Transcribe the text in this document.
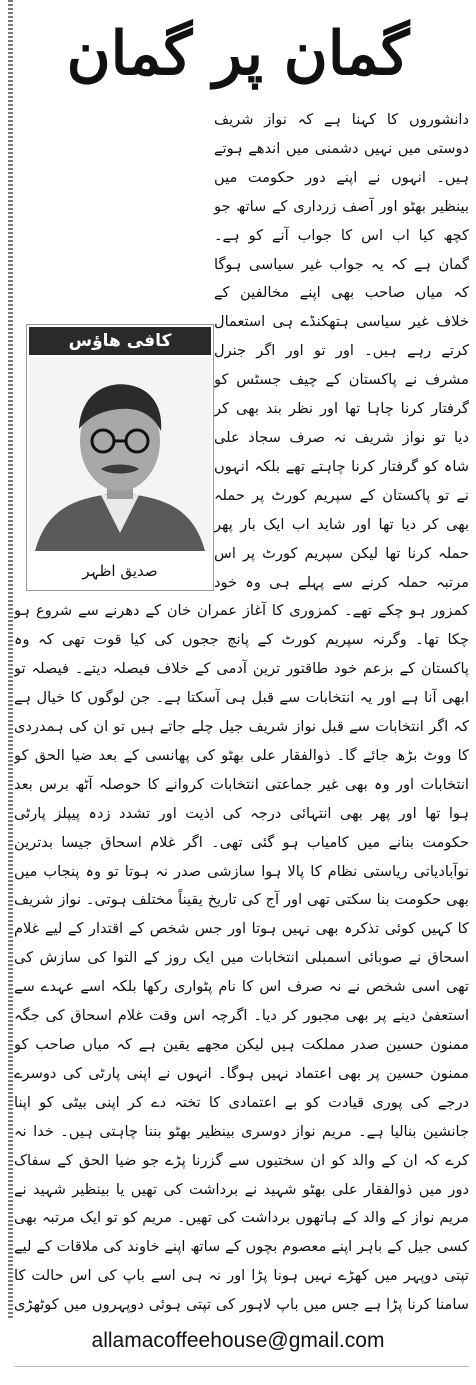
گمان پر گمان
کافی ھاؤس
صدیق اظہر

دانشوروں کا کہنا ہے کہ نواز شریف دوستی میں نہیں دشمنی میں اندھے ہوتے ہیں۔ انہوں نے اپنے دور حکومت میں بینظیر بھٹو اور آصف زرداری کے ساتھ جو کچھ کیا اب اس کا جواب آنے کو ہے۔ گمان ہے کہ یہ جواب غیر سیاسی ہوگا کہ میاں صاحب بھی اپنے مخالفین کے خلاف غیر سیاسی ہتھکنڈے ہی استعمال کرتے رہے ہیں۔ اور تو اور اگر جنرل مشرف نے پاکستان کے چیف جسٹس کو گرفتار کرنا چاہا تھا اور نظر بند بھی کر دیا تو نواز شریف نہ صرف سجاد علی شاہ کو گرفتار کرنا چاہتے تھے بلکہ انہوں نے تو پاکستان کے سپریم کورٹ پر حملہ بھی کر دیا تھا اور شاید اب ایک بار پھر حملہ کرنا تھا لیکن سپریم کورٹ پر اس مرتبہ حملہ کرنے سے پہلے ہی وہ خود کمزور ہو چکے تھے۔ کمزوری کا آغاز عمران خان کے دھرنے سے شروع ہو چکا تھا۔ وگرنہ سپریم کورٹ کے پانچ ججوں کی کیا قوت تھی کہ وہ پاکستان کے بزعم خود طاقتور ترین آدمی کے خلاف فیصلہ دیتے۔ فیصلہ تو ابھی آنا ہے اور یہ انتخابات سے قبل ہی آسکتا ہے۔ جن لوگوں کا خیال ہے کہ اگر انتخابات سے قبل نواز شریف جیل چلے جاتے ہیں تو ان کی ہمدردی کا ووٹ بڑھ جائے گا۔ ذوالفقار علی بھٹو کی پھانسی کے بعد ضیا الحق کو انتخابات اور وہ بھی غیر جماعتی انتخابات کروانے کا حوصلہ آٹھ برس بعد ہوا تھا اور پھر بھی انتہائی درجہ کی اذیت اور تشدد زدہ پیپلز پارٹی حکومت بنانے میں کامیاب ہو گئی تھی۔ اگر غلام اسحاق جیسا بدترین نوآبادیاتی ریاستی نظام کا پالا ہوا سازشی صدر نہ ہوتا تو وہ پنجاب میں بھی حکومت بنا سکتی تھی اور آج کی تاریخ یقیناً مختلف ہوتی۔ نواز شریف کا کہیں کوئی تذکرہ بھی نہیں ہوتا اور جس شخص کے اقتدار کے لیے غلام اسحاق نے صوبائی اسمبلی انتخابات میں ایک روز کے التوا کی سازش کی تھی اسی شخص نے نہ صرف اس کا نام پٹواری رکھا بلکہ اسے عہدے سے استعفیٰ دینے پر بھی مجبور کر دیا۔ اگرچہ اس وقت غلام اسحاق کی جگہ ممنون حسین صدر مملکت ہیں لیکن مجھے یقین ہے کہ میاں صاحب کو ممنون حسین پر بھی اعتماد نہیں ہوگا۔ انہوں نے اپنی پارٹی کی دوسرے درجے کی پوری قیادت کو بے اعتمادی کا تختہ دے کر اپنی بیٹی کو اپنا جانشین بنالیا ہے۔ مریم نواز دوسری بینظیر بھٹو بننا چاہتی ہیں۔ خدا نہ کرے کہ ان کے والد کو ان سختیوں سے گزرنا پڑے جو ضیا الحق کے سفاک دور میں ذوالفقار علی بھٹو شہید نے برداشت کی تھیں یا بینظیر شہید نے مریم نواز کے والد کے ہاتھوں برداشت کی تھیں۔ مریم کو تو ایک مرتبہ بھی کسی جیل کے باہر اپنے معصوم بچوں کے ساتھ اپنے خاوند کی ملاقات کے لیے تپتی دوپہر میں کھڑے نہیں ہونا پڑا اور نہ ہی اسے باپ کی اس حالت کا سامنا کرنا پڑا ہے جس میں باپ لاہور کی تپتی ہوئی دوپہروں میں کوٹھڑی

allamacoffeehouse@gmail.com
